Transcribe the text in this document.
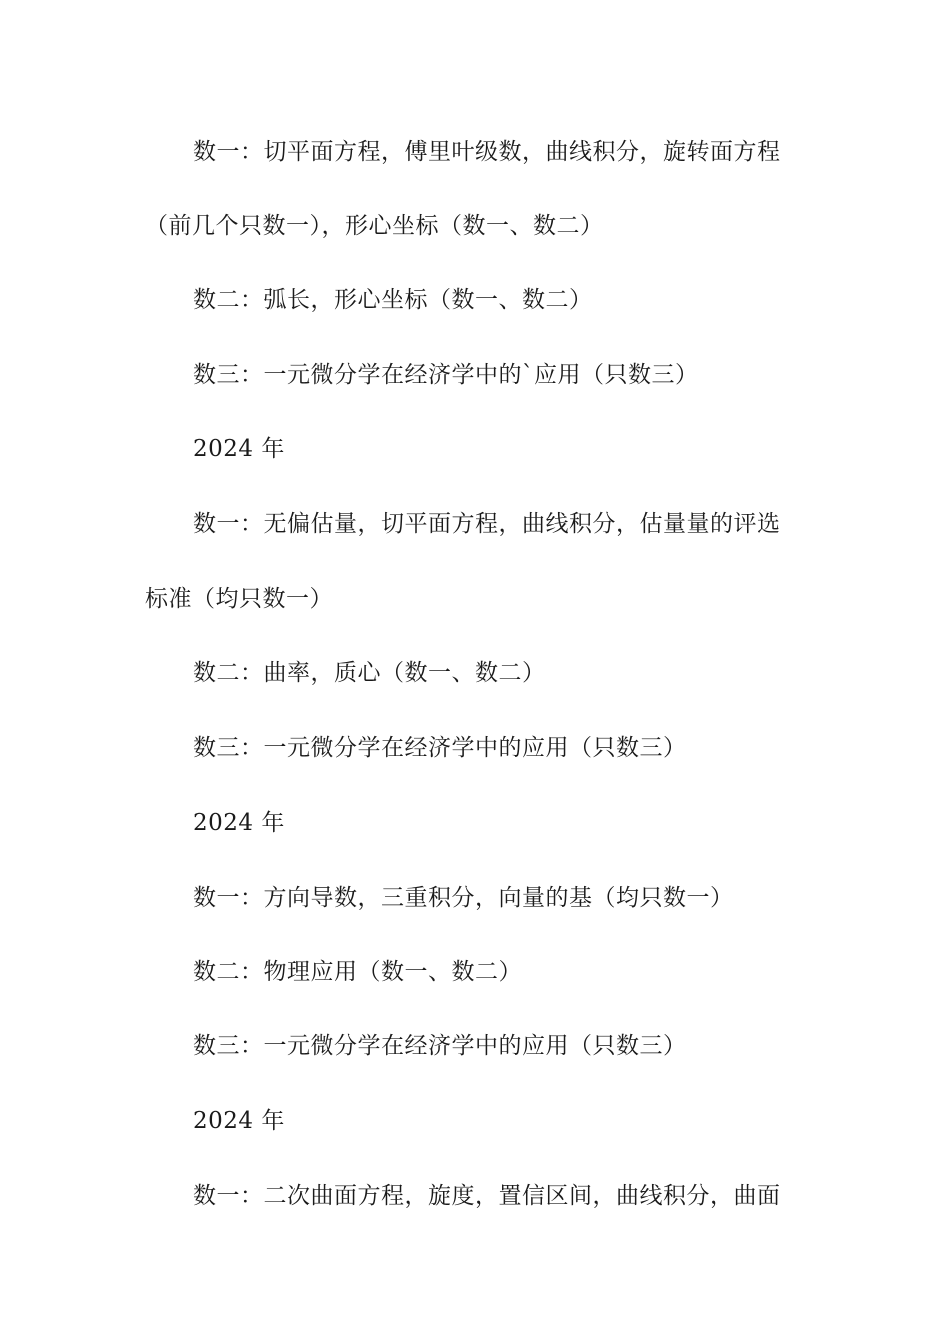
数一：切平面方程，傅里叶级数，曲线积分，旋转面方程
（前几个只数一），形心坐标（数一、数二）
数二：弧长，形心坐标（数一、数二）
数三：一元微分学在经济学中的`应用（只数三）
2024 年
数一：无偏估量，切平面方程，曲线积分，估量量的评选
标准（均只数一）
数二：曲率，质心（数一、数二）
数三：一元微分学在经济学中的应用（只数三）
2024 年
数一：方向导数，三重积分，向量的基（均只数一）
数二：物理应用（数一、数二）
数三：一元微分学在经济学中的应用（只数三）
2024 年
数一：二次曲面方程，旋度，置信区间，曲线积分，曲面
